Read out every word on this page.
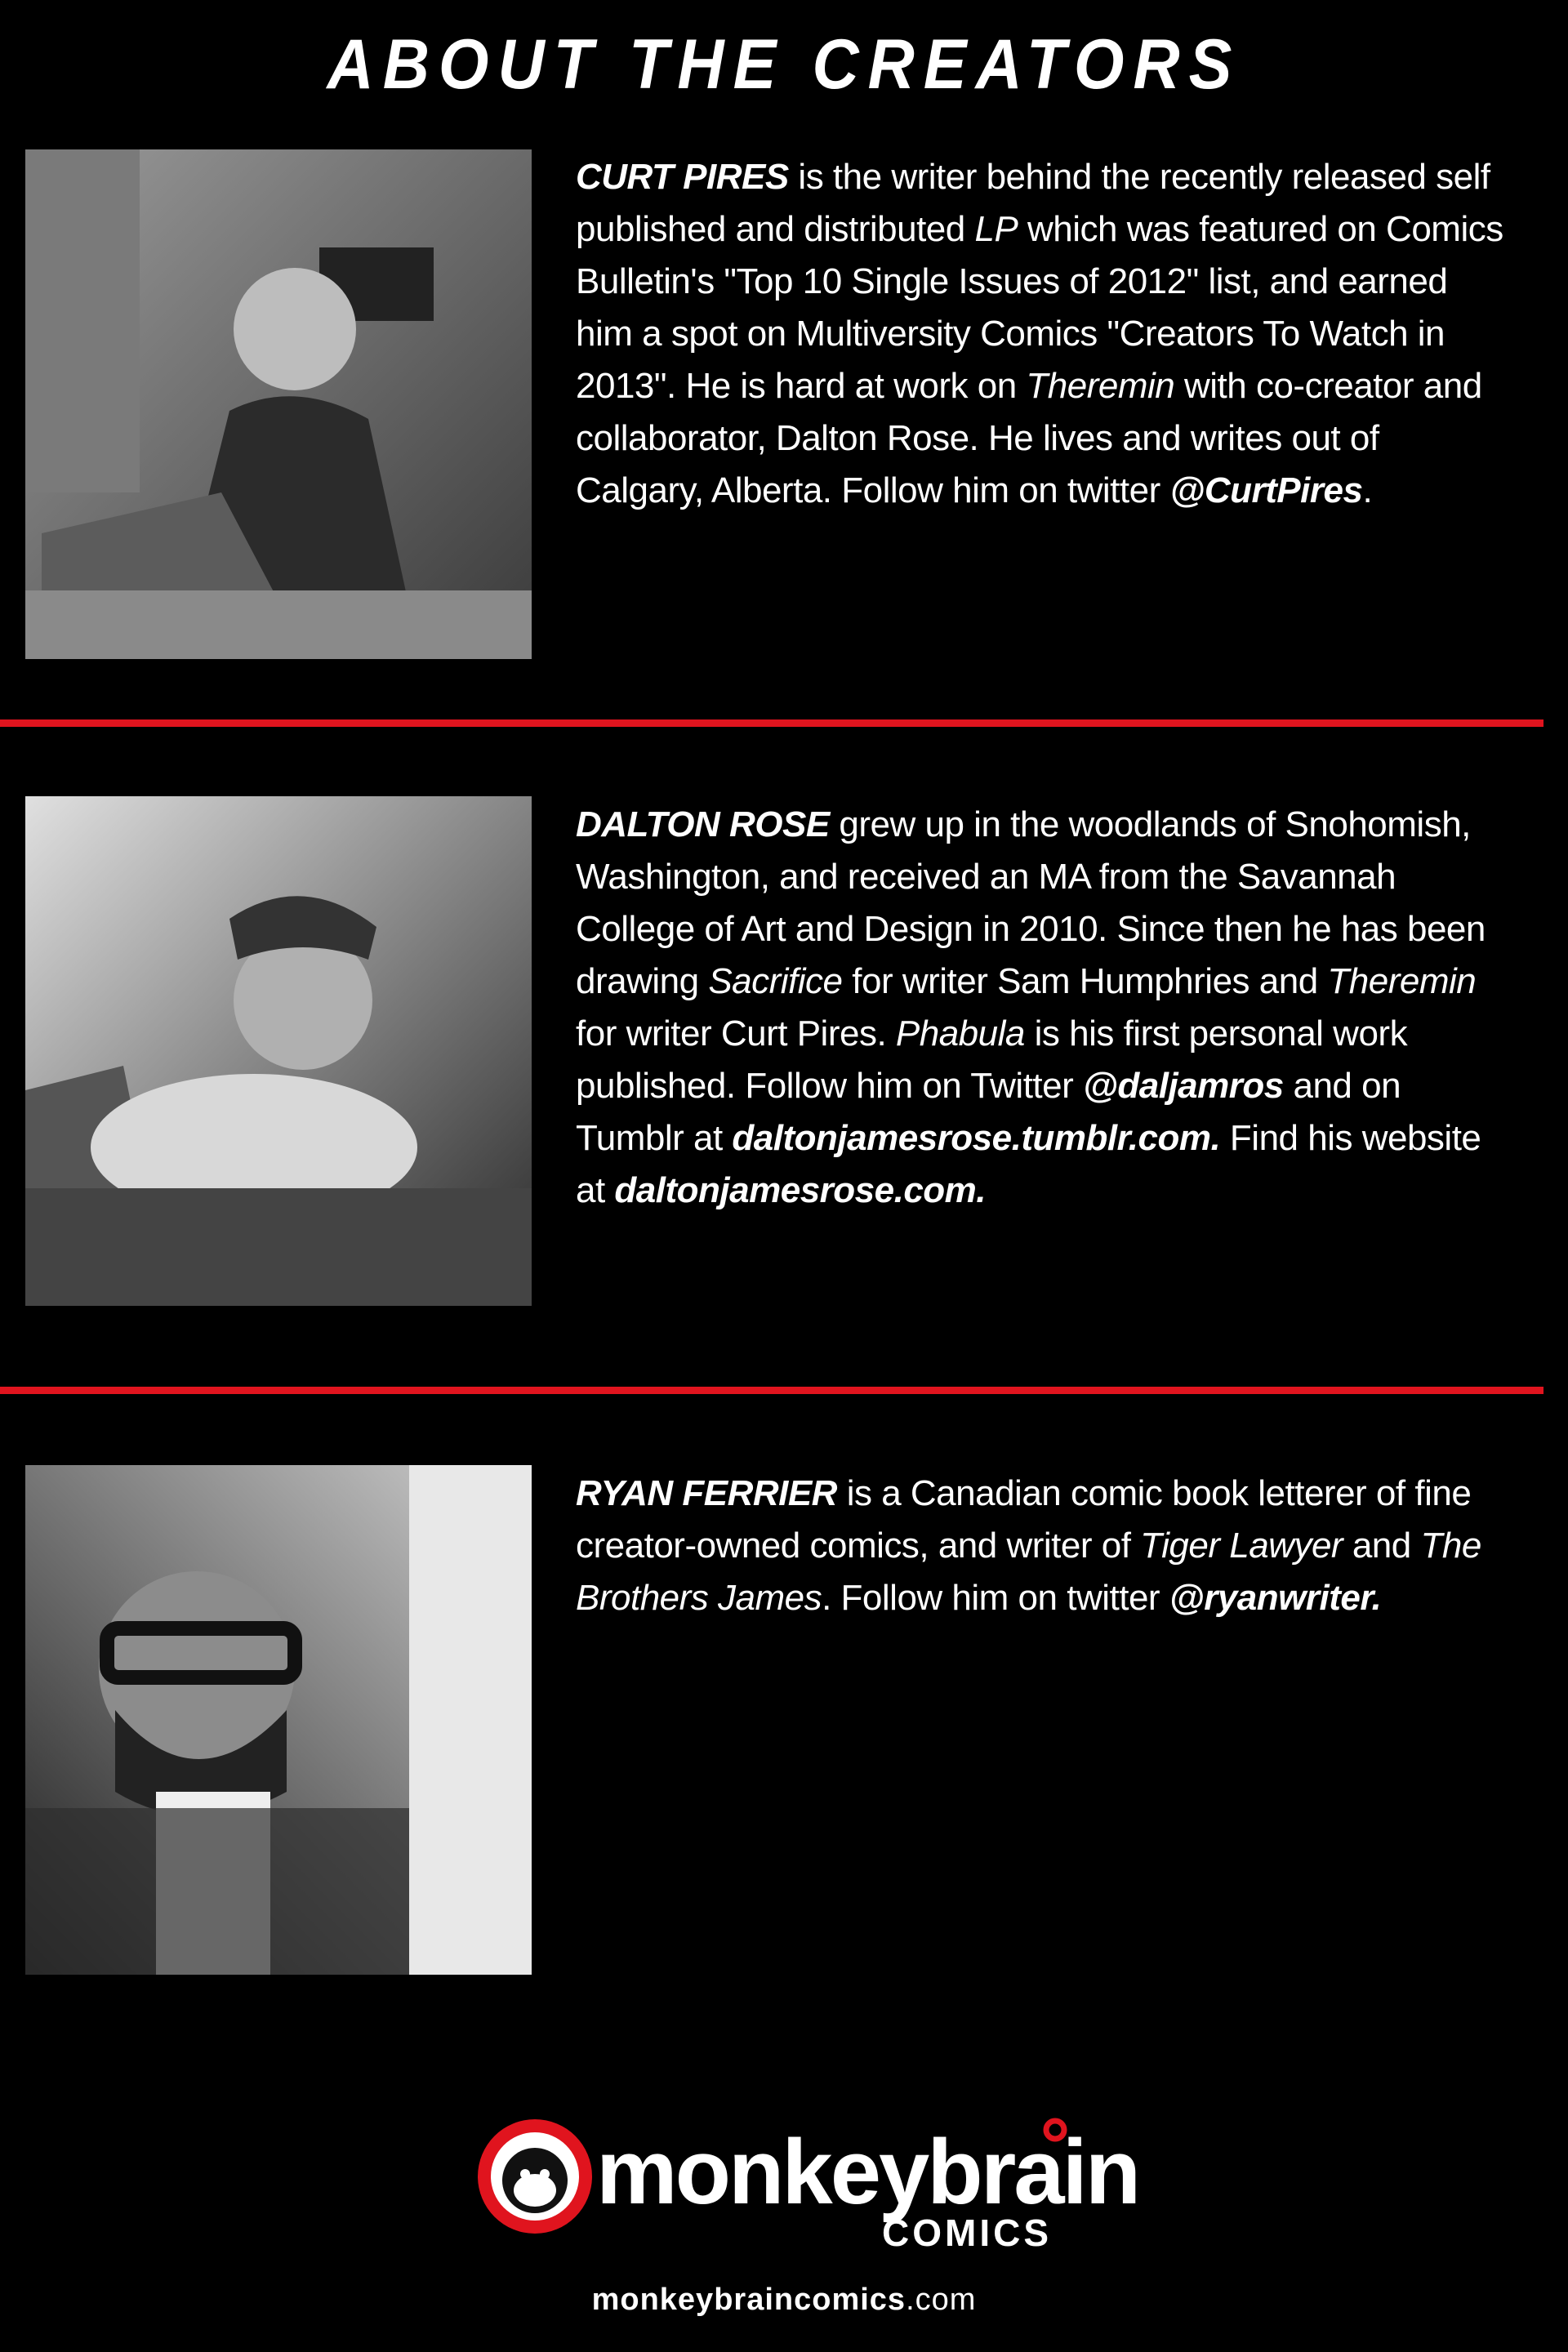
ABOUT THE CREATORS
CURT PIRES is the writer behind the recently released self published and distributed LP which was featured on Comics Bulletin's "Top 10 Single Issues of 2012" list, and earned him a spot on Multiversity Comics "Creators To Watch in 2013". He is hard at work on Theremin with co-creator and collaborator, Dalton Rose. He lives and writes out of Calgary, Alberta. Follow him on twitter @CurtPires.
DALTON ROSE grew up in the woodlands of Snohomish, Washington, and received an MA from the Savannah College of Art and Design in 2010. Since then he has been drawing Sacrifice for writer Sam Humphries and Theremin for writer Curt Pires. Phabula is his first personal work published. Follow him on Twitter @daljamros and on Tumblr at daltonjamesrose.tumblr.com. Find his website at daltonjamesrose.com.
RYAN FERRIER is a Canadian comic book letterer of fine creator-owned comics, and writer of Tiger Lawyer and The Brothers James. Follow him on twitter @ryanwriter.
monkeybrain
COMICS
monkeybraincomics.com
